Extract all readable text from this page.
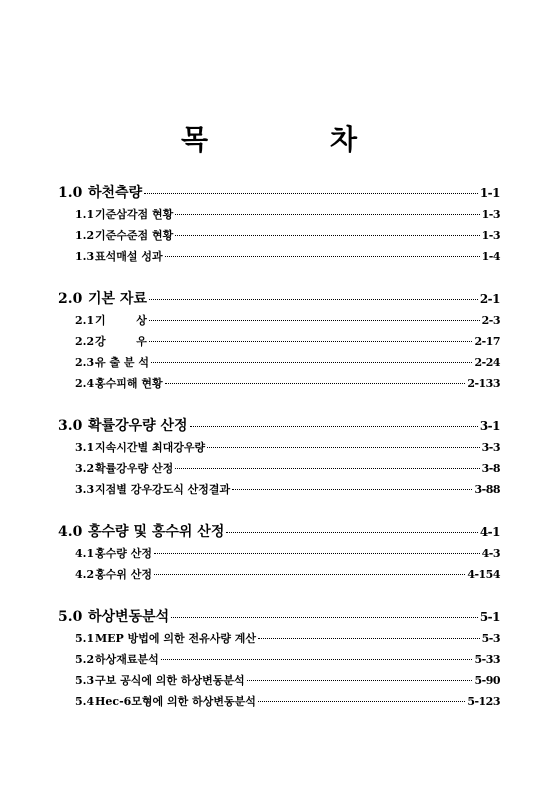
목	차
1.0 하천측량	1-1
1.1 기준삼각점 현황	1-3
1.2 기준수준점 현황	1-3
1.3 표석매설 성과	1-4
2.0 기본 자료	2-1
2.1 기        상	2-3
2.2 강        우	2-17
2.3 유 출 분 석	2-24
2.4 홍수피해 현황	2-133
3.0 확률강우량 산정	3-1
3.1 지속시간별 최대강우량	3-3
3.2 확률강우량 산정	3-8
3.3 지점별 강우강도식 산정결과	3-88
4.0 홍수량 및 홍수위 산정	4-1
4.1 홍수량 산정	4-3
4.2 홍수위 산정	4-154
5.0 하상변동분석	5-1
5.1 MEP 방법에 의한 전유사량 계산	5-3
5.2 하상재료분석	5-33
5.3 구보 공식에 의한 하상변동분석	5-90
5.4 Hec-6모형에 의한 하상변동분석	5-123
